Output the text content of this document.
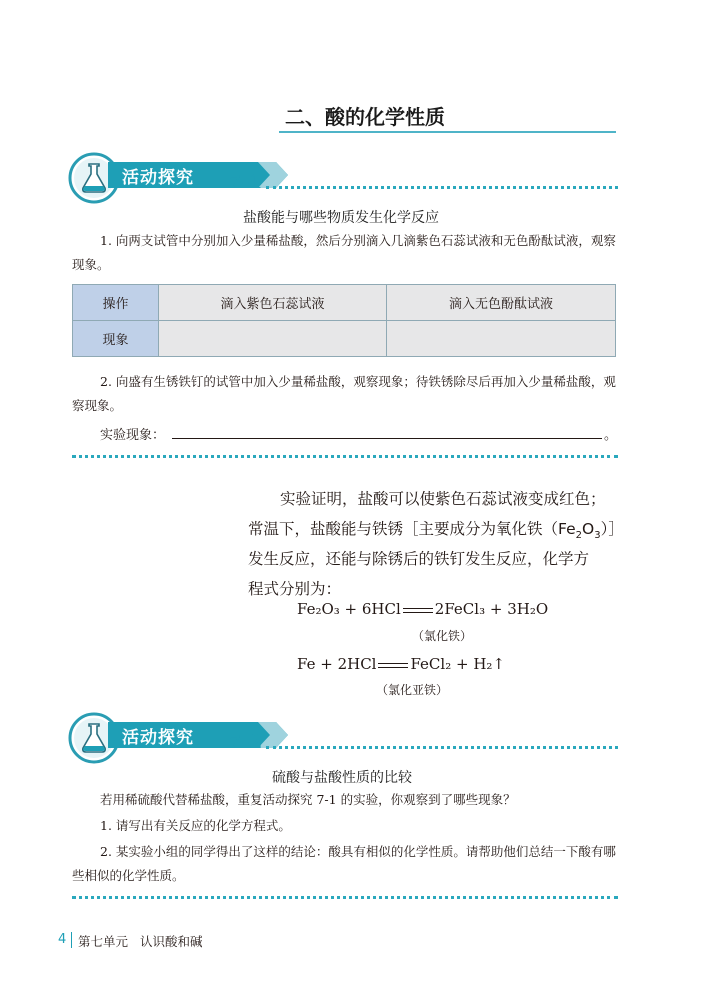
二、酸的化学性质
活动探究 7-1
盐酸能与哪些物质发生化学反应
1. 向两支试管中分别加入少量稀盐酸，然后分别滴入几滴紫色石蕊试液和无色酚酞试液，观察现象。
操作	滴入紫色石蕊试液	滴入无色酚酞试液
现象		
2. 向盛有生锈铁钉的试管中加入少量稀盐酸，观察现象；待铁锈除尽后再加入少量稀盐酸，观察现象。
实验现象：	。
实验证明，盐酸可以使紫色石蕊试液变成红色；
常温下，盐酸能与铁锈［主要成分为氧化铁$(Fe_2O_3)]$
发生反应，还能与除锈后的铁钉发生反应，化学方
程式分别为：
Fe₂O₃ + 6HCl 2FeCl₃ + 3H₂O
（氯化铁）
Fe + 2HCl FeCl₂ + H₂↑
（氯化亚铁）
活动探究 7-2
硫酸与盐酸性质的比较
若用稀硫酸代替稀盐酸，重复活动探究 7-1 的实验，你观察到了哪些现象？
1. 请写出有关反应的化学方程式。
2. 某实验小组的同学得出了这样的结论：酸具有相似的化学性质。请帮助他们总结一下酸有哪些相似的化学性质。
4 第七单元 认识酸和碱
